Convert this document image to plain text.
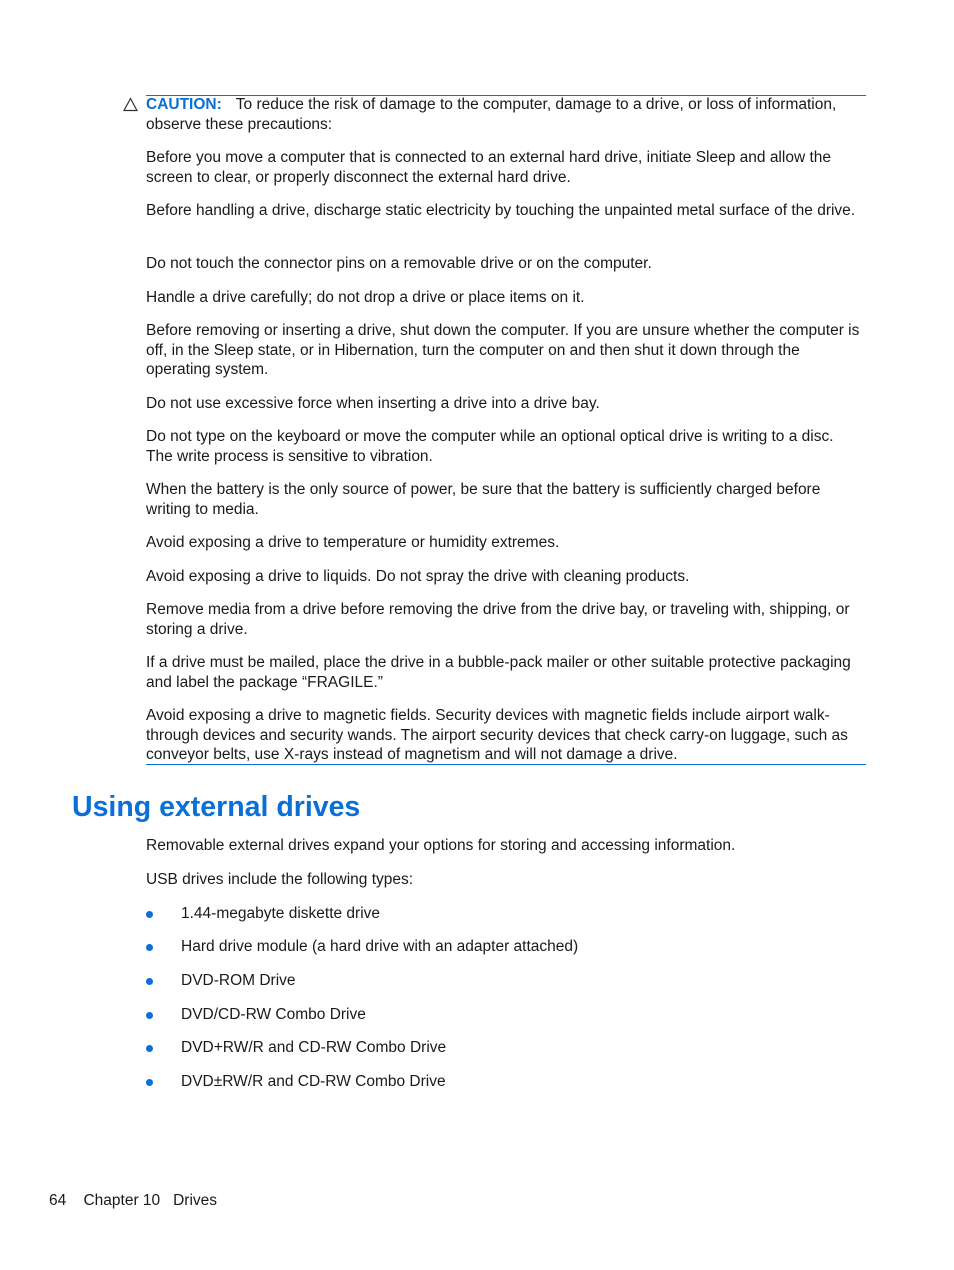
CAUTION: To reduce the risk of damage to the computer, damage to a drive, or loss of information, observe these precautions:

Before you move a computer that is connected to an external hard drive, initiate Sleep and allow the screen to clear, or properly disconnect the external hard drive.

Before handling a drive, discharge static electricity by touching the unpainted metal surface of the drive.

Do not touch the connector pins on a removable drive or on the computer.

Handle a drive carefully; do not drop a drive or place items on it.

Before removing or inserting a drive, shut down the computer. If you are unsure whether the computer is off, in the Sleep state, or in Hibernation, turn the computer on and then shut it down through the operating system.

Do not use excessive force when inserting a drive into a drive bay.

Do not type on the keyboard or move the computer while an optional optical drive is writing to a disc. The write process is sensitive to vibration.

When the battery is the only source of power, be sure that the battery is sufficiently charged before writing to media.

Avoid exposing a drive to temperature or humidity extremes.

Avoid exposing a drive to liquids. Do not spray the drive with cleaning products.

Remove media from a drive before removing the drive from the drive bay, or traveling with, shipping, or storing a drive.

If a drive must be mailed, place the drive in a bubble-pack mailer or other suitable protective packaging and label the package “FRAGILE.”

Avoid exposing a drive to magnetic fields. Security devices with magnetic fields include airport walk-through devices and security wands. The airport security devices that check carry-on luggage, such as conveyor belts, use X-rays instead of magnetism and will not damage a drive.

Using external drives

Removable external drives expand your options for storing and accessing information.

USB drives include the following types:

1.44-megabyte diskette drive
Hard drive module (a hard drive with an adapter attached)
DVD-ROM Drive
DVD/CD-RW Combo Drive
DVD+RW/R and CD-RW Combo Drive
DVD±RW/R and CD-RW Combo Drive
64 Chapter 10 Drives
